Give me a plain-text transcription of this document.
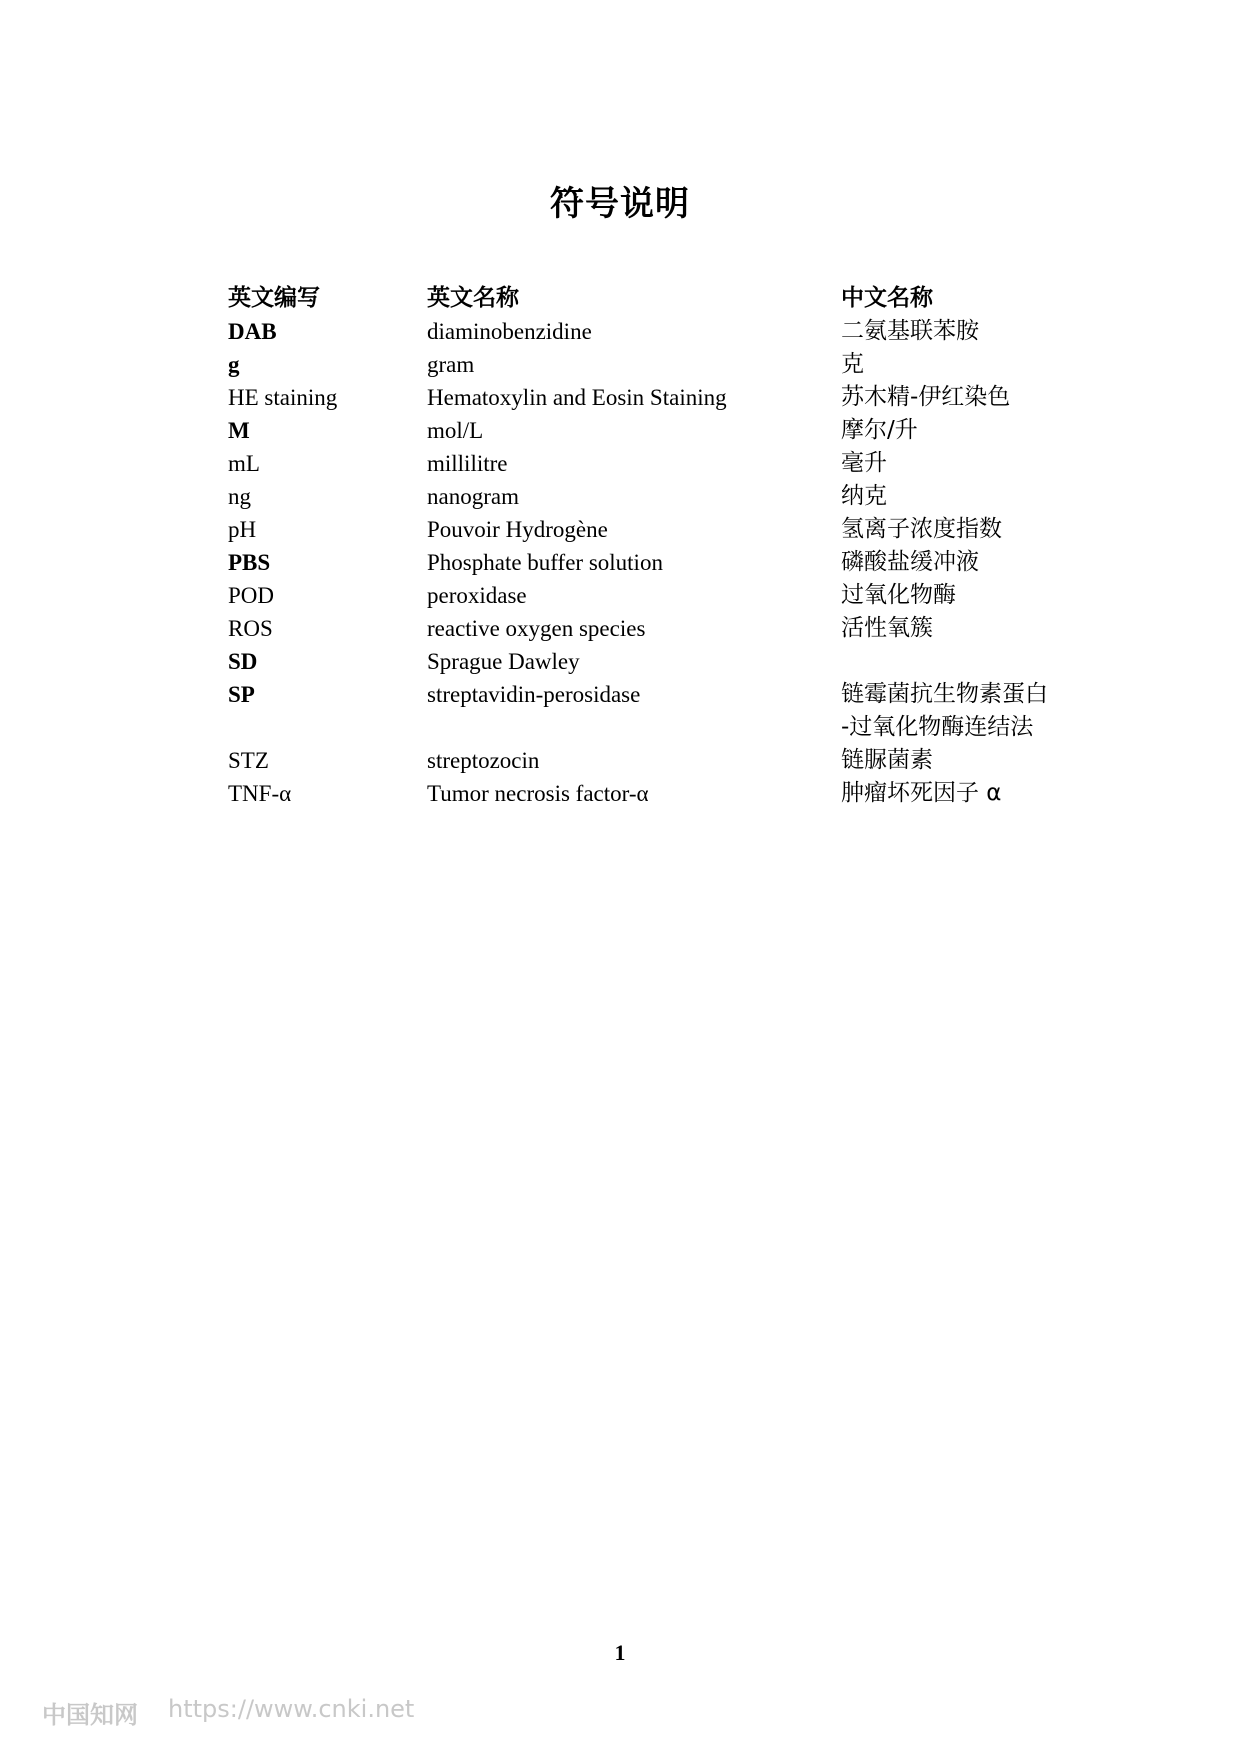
符号说明
英文编写	英文名称	中文名称
DAB	diaminobenzidine	二氨基联苯胺
g	gram	克
HE staining	Hematoxylin and Eosin Staining	苏木精-伊红染色
M	mol/L	摩尔/升
mL	millilitre	毫升
ng	nanogram	纳克
pH	Pouvoir Hydrogène	氢离子浓度指数
PBS	Phosphate buffer solution	磷酸盐缓冲液
POD	peroxidase	过氧化物酶
ROS	reactive oxygen species	活性氧簇
SD	Sprague Dawley
SP	streptavidin-perosidase	链霉菌抗生物素蛋白
-过氧化物酶连结法
STZ	streptozocin	链脲菌素
TNF-α	Tumor necrosis factor-α	肿瘤坏死因子 α
1
中国知网 https://www.cnki.net
